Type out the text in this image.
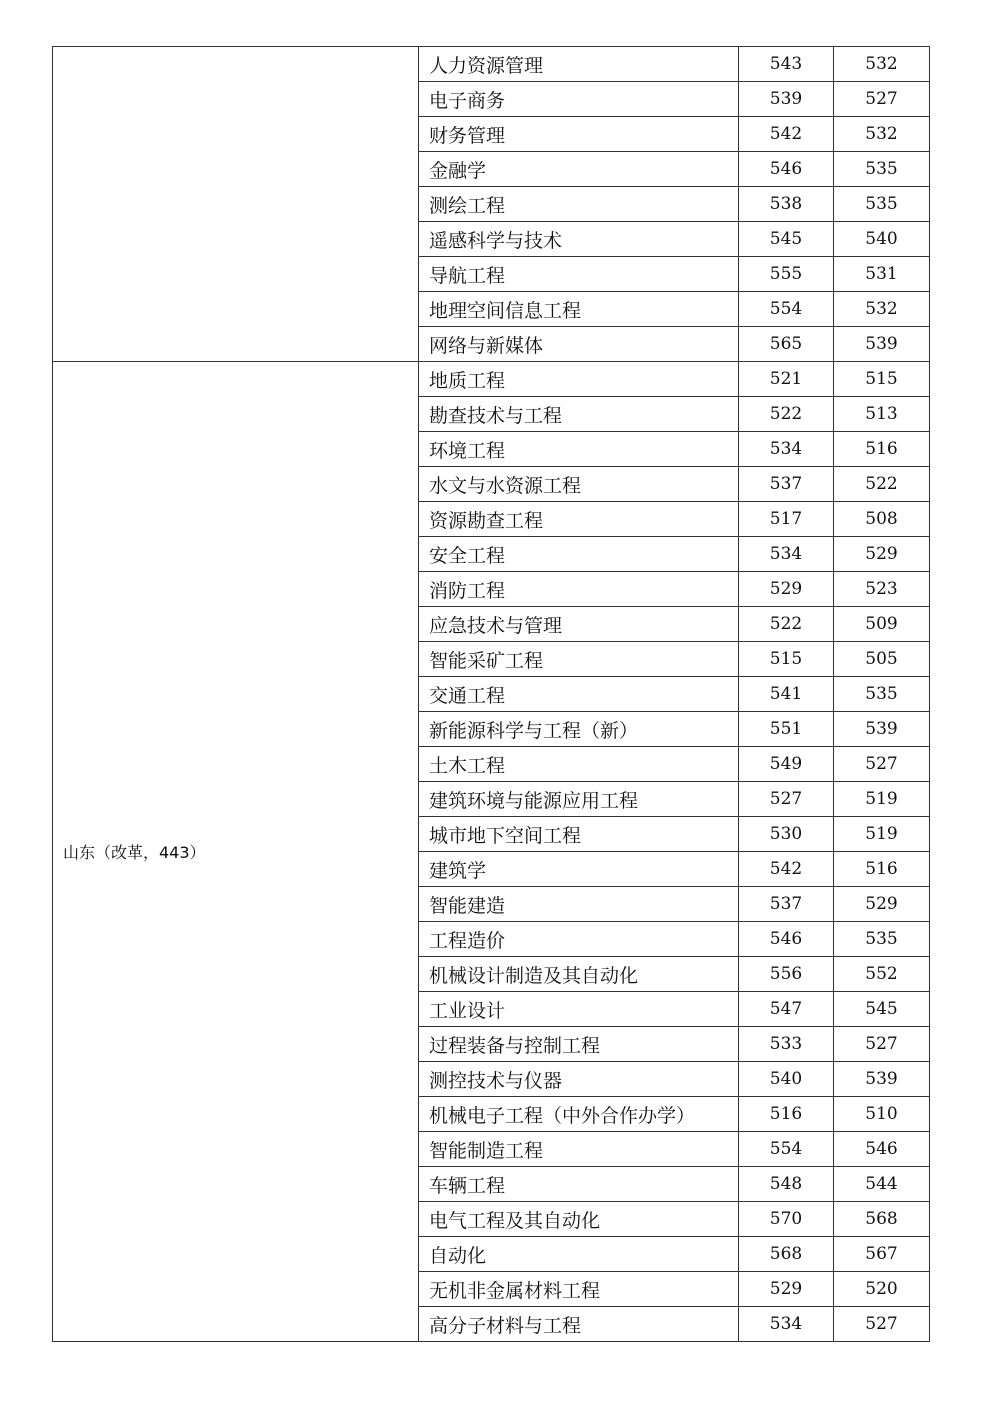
	人力资源管理	543	532
	电子商务	539	527
	财务管理	542	532
	金融学	546	535
	测绘工程	538	535
	遥感科学与技术	545	540
	导航工程	555	531
	地理空间信息工程	554	532
	网络与新媒体	565	539
山东（改革，443）	地质工程	521	515
	勘查技术与工程	522	513
	环境工程	534	516
	水文与水资源工程	537	522
	资源勘查工程	517	508
	安全工程	534	529
	消防工程	529	523
	应急技术与管理	522	509
	智能采矿工程	515	505
	交通工程	541	535
	新能源科学与工程（新）	551	539
	土木工程	549	527
	建筑环境与能源应用工程	527	519
	城市地下空间工程	530	519
	建筑学	542	516
	智能建造	537	529
	工程造价	546	535
	机械设计制造及其自动化	556	552
	工业设计	547	545
	过程装备与控制工程	533	527
	测控技术与仪器	540	539
	机械电子工程（中外合作办学）	516	510
	智能制造工程	554	546
	车辆工程	548	544
	电气工程及其自动化	570	568
	自动化	568	567
	无机非金属材料工程	529	520
	高分子材料与工程	534	527
